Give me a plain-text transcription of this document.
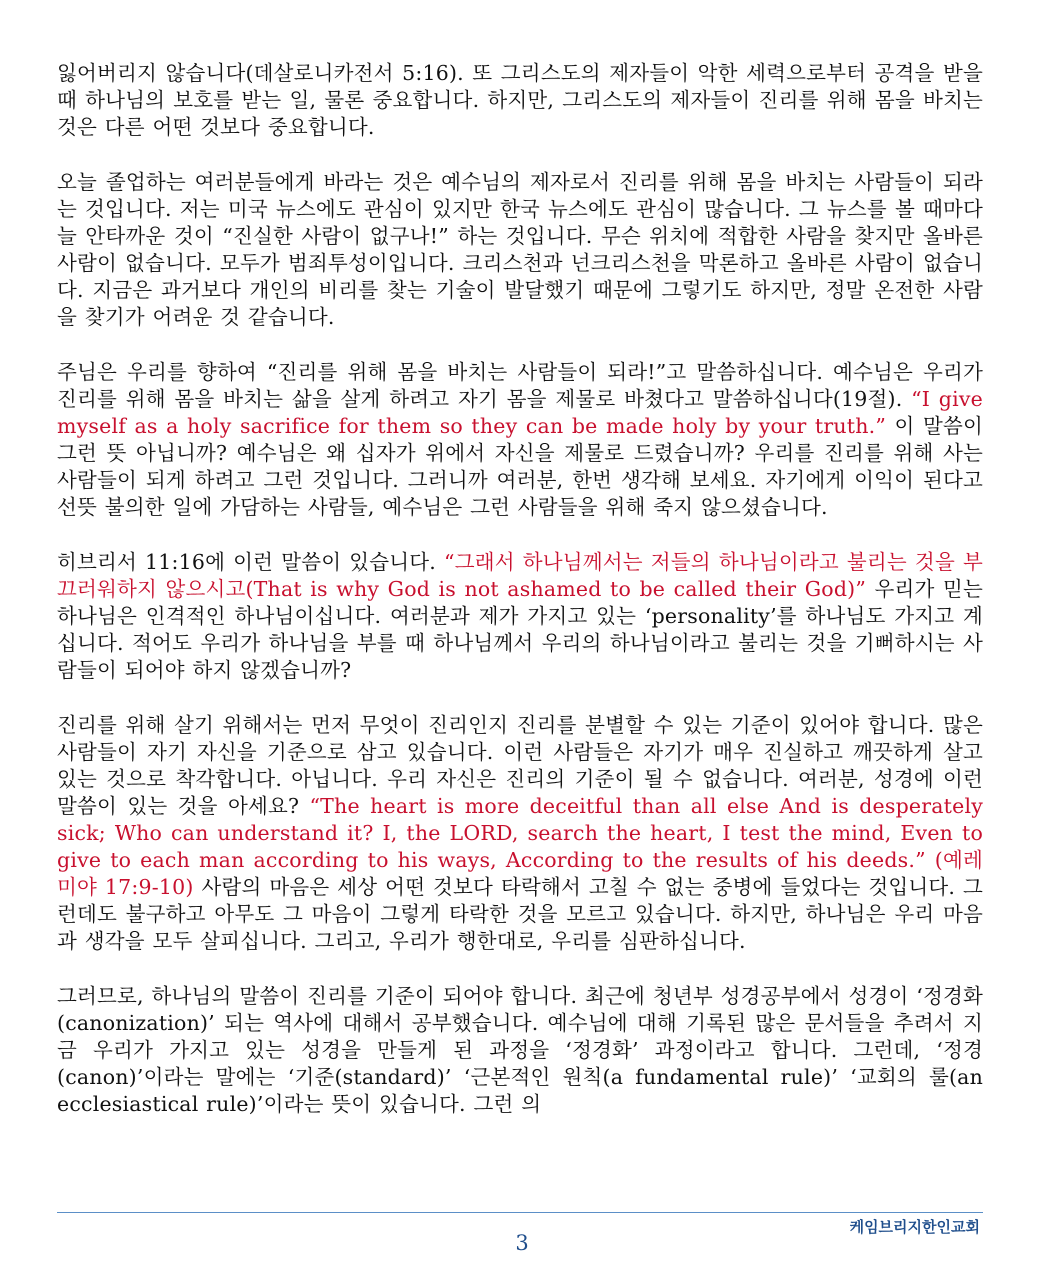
잃어버리지 않습니다(데살로니카전서 5:16). 또 그리스도의 제자들이 악한 세력으로부터 공격을 받을 때 하나님의 보호를 받는 일, 물론 중요합니다. 하지만, 그리스도의 제자들이 진리를 위해 몸을 바치는 것은 다른 어떤 것보다 중요합니다.

오늘 졸업하는 여러분들에게 바라는 것은 예수님의 제자로서 진리를 위해 몸을 바치는 사람들이 되라는 것입니다. 저는 미국 뉴스에도 관심이 있지만 한국 뉴스에도 관심이 많습니다. 그 뉴스를 볼 때마다 늘 안타까운 것이 “진실한 사람이 없구나!” 하는 것입니다. 무슨 위치에 적합한 사람을 찾지만 올바른 사람이 없습니다. 모두가 범죄투성이입니다. 크리스천과 넌크리스천을 막론하고 올바른 사람이 없습니다. 지금은 과거보다 개인의 비리를 찾는 기술이 발달했기 때문에 그렇기도 하지만, 정말 온전한 사람을 찾기가 어려운 것 같습니다.

주님은 우리를 향하여 “진리를 위해 몸을 바치는 사람들이 되라!”고 말씀하십니다. 예수님은 우리가 진리를 위해 몸을 바치는 삶을 살게 하려고 자기 몸을 제물로 바쳤다고 말씀하십니다(19절). “I give myself as a holy sacrifice for them so they can be made holy by your truth.” 이 말씀이 그런 뜻 아닙니까? 예수님은 왜 십자가 위에서 자신을 제물로 드렸습니까? 우리를 진리를 위해 사는 사람들이 되게 하려고 그런 것입니다. 그러니까 여러분, 한번 생각해 보세요. 자기에게 이익이 된다고 선뜻 불의한 일에 가담하는 사람들, 예수님은 그런 사람들을 위해 죽지 않으셨습니다.

히브리서 11:16에 이런 말씀이 있습니다. “그래서 하나님께서는 저들의 하나님이라고 불리는 것을 부끄러워하지 않으시고(That is why God is not ashamed to be called their God)” 우리가 믿는 하나님은 인격적인 하나님이십니다. 여러분과 제가 가지고 있는 ‘personality’를 하나님도 가지고 계십니다. 적어도 우리가 하나님을 부를 때 하나님께서 우리의 하나님이라고 불리는 것을 기뻐하시는 사람들이 되어야 하지 않겠습니까?

진리를 위해 살기 위해서는 먼저 무엇이 진리인지 진리를 분별할 수 있는 기준이 있어야 합니다. 많은 사람들이 자기 자신을 기준으로 삼고 있습니다. 이런 사람들은 자기가 매우 진실하고 깨끗하게 살고 있는 것으로 착각합니다. 아닙니다. 우리 자신은 진리의 기준이 될 수 없습니다. 여러분, 성경에 이런 말씀이 있는 것을 아세요? “The heart is more deceitful than all else And is desperately sick; Who can understand it? I, the LORD, search the heart, I test the mind, Even to give to each man according to his ways, According to the results of his deeds.” (예레미야 17:9-10) 사람의 마음은 세상 어떤 것보다 타락해서 고칠 수 없는 중병에 들었다는 것입니다. 그런데도 불구하고 아무도 그 마음이 그렇게 타락한 것을 모르고 있습니다. 하지만, 하나님은 우리 마음과 생각을 모두 살피십니다. 그리고, 우리가 행한대로, 우리를 심판하십니다.

그러므로, 하나님의 말씀이 진리를 기준이 되어야 합니다. 최근에 청년부 성경공부에서 성경이 ‘정경화(canonization)’ 되는 역사에 대해서 공부했습니다. 예수님에 대해 기록된 많은 문서들을 추려서 지금 우리가 가지고 있는 성경을 만들게 된 과정을 ‘정경화’ 과정이라고 합니다. 그런데, ‘정경(canon)’이라는 말에는 ‘기준(standard)’ ‘근본적인 원칙(a fundamental rule)’ ‘교회의 룰(an ecclesiastical rule)’이라는 뜻이 있습니다. 그런 의

케임브리지한인교회
3
